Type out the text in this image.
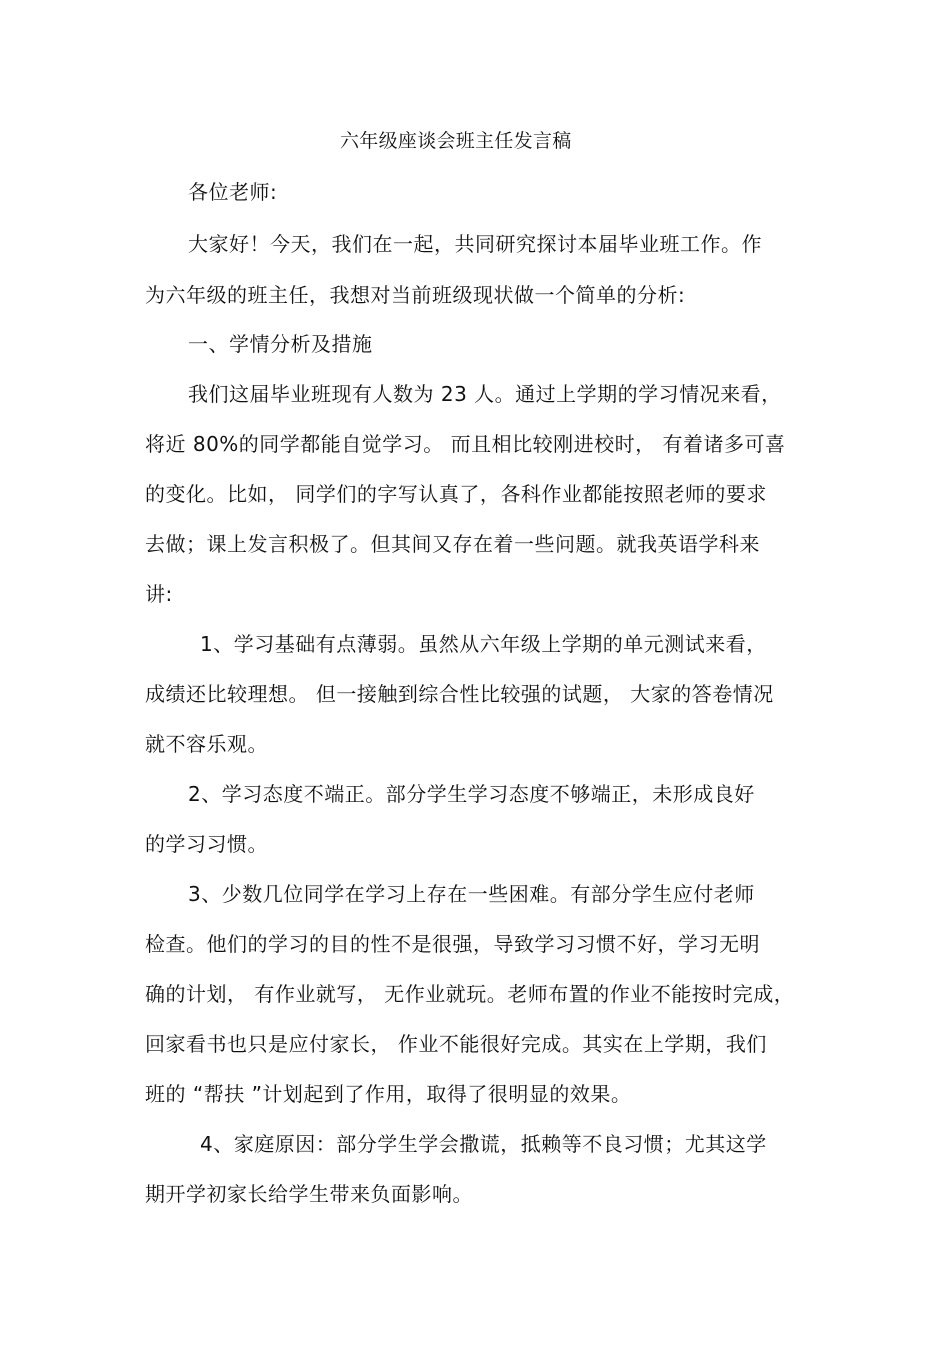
六年级座谈会班主任发言稿
各位老师:
大家好！今天，我们在一起，共同研究探讨本届毕业班工作。作
为六年级的班主任，我想对当前班级现状做一个简单的分析:
一、学情分析及措施
我们这届毕业班现有人数为 23 人。通过上学期的学习情况来看，
将近 80%的同学都能自觉学习。 而且相比较刚进校时， 有着诸多可喜
的变化。比如， 同学们的字写认真了，各科作业都能按照老师的要求
去做；课上发言积极了。但其间又存在着一些问题。就我英语学科来
讲:
1、学习基础有点薄弱。虽然从六年级上学期的单元测试来看，
成绩还比较理想。 但一接触到综合性比较强的试题， 大家的答卷情况
就不容乐观。
2、学习态度不端正。部分学生学习态度不够端正，未形成良好
的学习习惯。
3、少数几位同学在学习上存在一些困难。有部分学生应付老师
检查。他们的学习的目的性不是很强，导致学习习惯不好，学习无明
确的计划， 有作业就写， 无作业就玩。老师布置的作业不能按时完成，
回家看书也只是应付家长， 作业不能很好完成。其实在上学期，我们
班的 “帮扶 ”计划起到了作用，取得了很明显的效果。
4、家庭原因：部分学生学会撒谎，抵赖等不良习惯；尤其这学
期开学初家长给学生带来负面影响。
